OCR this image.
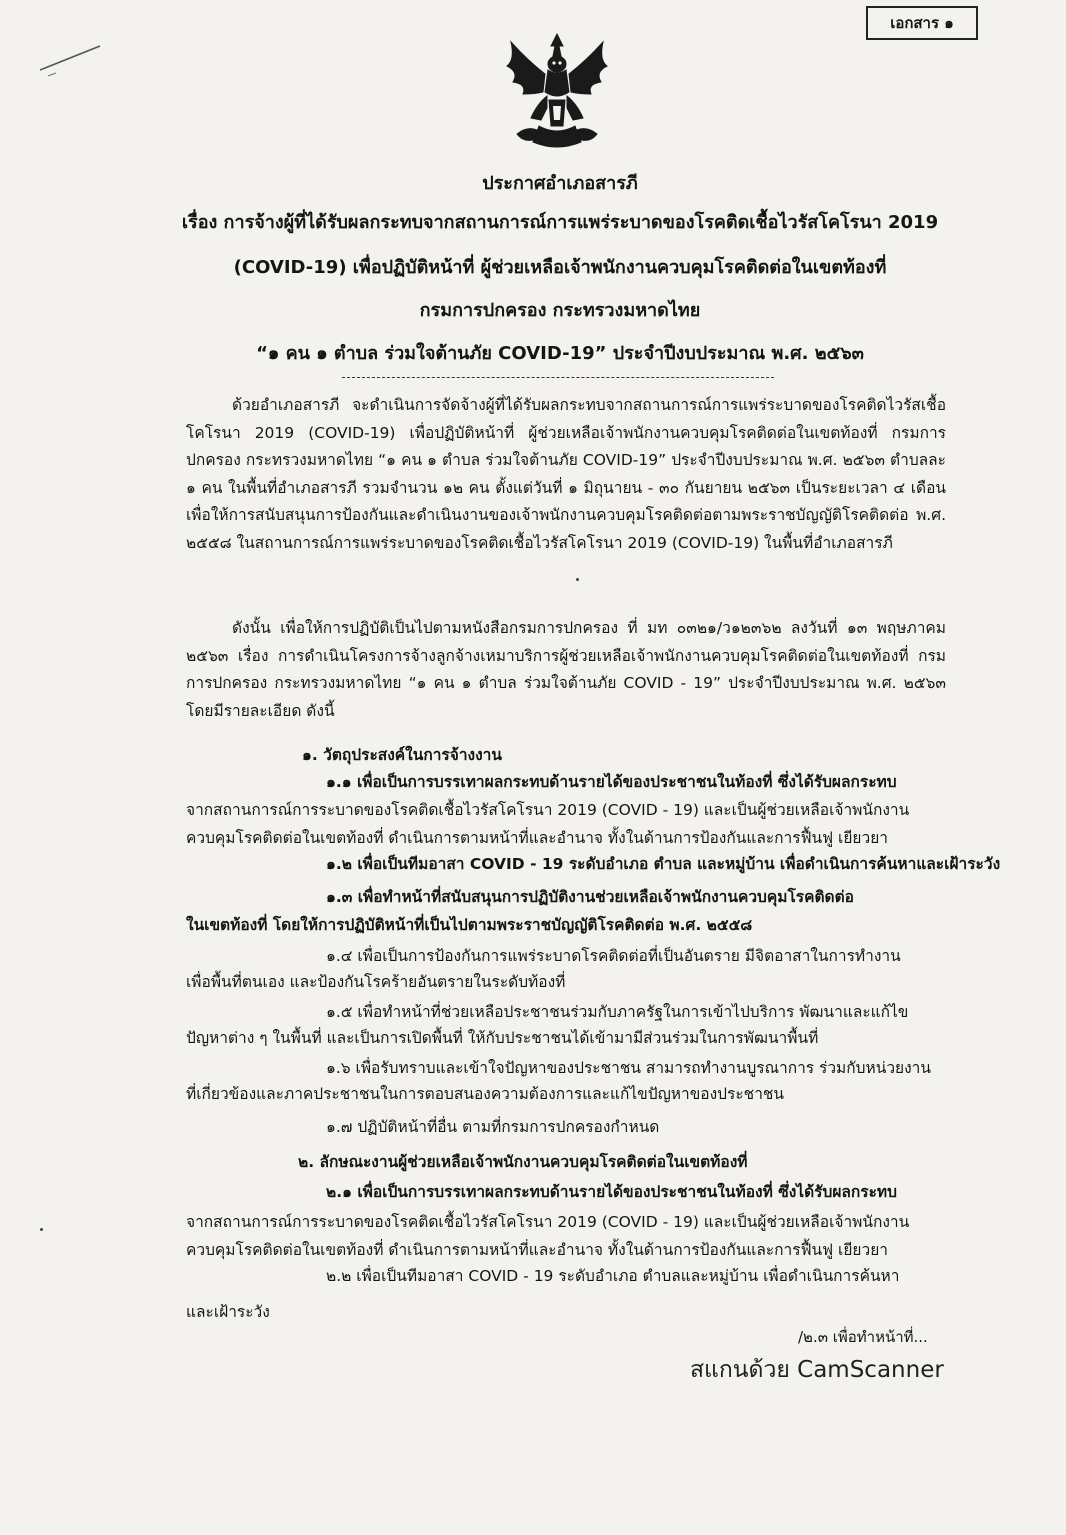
เอกสาร ๑
ประกาศอำเภอสารภี
เรื่อง การจ้างผู้ที่ได้รับผลกระทบจากสถานการณ์การแพร่ระบาดของโรคติดเชื้อไวรัสโคโรนา 2019
(COVID-19) เพื่อปฏิบัติหน้าที่ ผู้ช่วยเหลือเจ้าพนักงานควบคุมโรคติดต่อในเขตท้องที่
กรมการปกครอง กระทรวงมหาดไทย
“๑ คน ๑ ตำบล ร่วมใจต้านภัย COVID-19” ประจำปีงบประมาณ พ.ศ. ๒๕๖๓
ด้วยอำเภอสารภี จะดำเนินการจัดจ้างผู้ที่ได้รับผลกระทบจากสถานการณ์การแพร่ระบาดของโรคติดไวรัสเชื้อโคโรนา 2019 (COVID-19) เพื่อปฏิบัติหน้าที่ ผู้ช่วยเหลือเจ้าพนักงานควบคุมโรคติดต่อในเขตท้องที่ กรมการปกครอง กระทรวงมหาดไทย “๑ คน ๑ ตำบล ร่วมใจต้านภัย COVID-19” ประจำปีงบประมาณ พ.ศ. ๒๕๖๓ ตำบลละ ๑ คน ในพื้นที่อำเภอสารภี รวมจำนวน ๑๒ คน ตั้งแต่วันที่ ๑ มิถุนายน - ๓๐ กันยายน ๒๕๖๓ เป็นระยะเวลา ๔ เดือน เพื่อให้การสนับสนุนการป้องกันและดำเนินงานของเจ้าพนักงานควบคุมโรคติดต่อตามพระราชบัญญัติโรคติดต่อ พ.ศ. ๒๕๕๘ ในสถานการณ์การแพร่ระบาดของโรคติดเชื้อไวรัสโคโรนา 2019 (COVID-19) ในพื้นที่อำเภอสารภี
ดังนั้น เพื่อให้การปฏิบัติเป็นไปตามหนังสือกรมการปกครอง ที่ มท ๐๓๒๑/ว๑๒๓๖๒ ลงวันที่ ๑๓ พฤษภาคม ๒๕๖๓ เรื่อง การดำเนินโครงการจ้างลูกจ้างเหมาบริการผู้ช่วยเหลือเจ้าพนักงานควบคุมโรคติดต่อในเขตท้องที่ กรมการปกครอง กระทรวงมหาดไทย “๑ คน ๑ ตำบล ร่วมใจต้านภัย COVID - 19” ประจำปีงบประมาณ พ.ศ. ๒๕๖๓ โดยมีรายละเอียด ดังนี้
๑. วัตถุประสงค์ในการจ้างงาน
๑.๑ เพื่อเป็นการบรรเทาผลกระทบด้านรายได้ของประชาชนในท้องที่ ซึ่งได้รับผลกระทบ
จากสถานการณ์การระบาดของโรคติดเชื้อไวรัสโคโรนา 2019 (COVID - 19) และเป็นผู้ช่วยเหลือเจ้าพนักงาน
ควบคุมโรคติดต่อในเขตท้องที่ ดำเนินการตามหน้าที่และอำนาจ ทั้งในด้านการป้องกันและการฟื้นฟู เยียวยา
๑.๒ เพื่อเป็นทีมอาสา COVID - 19 ระดับอำเภอ ตำบล และหมู่บ้าน เพื่อดำเนินการค้นหาและเฝ้าระวัง
๑.๓ เพื่อทำหน้าที่สนับสนุนการปฏิบัติงานช่วยเหลือเจ้าพนักงานควบคุมโรคติดต่อ
ในเขตท้องที่ โดยให้การปฏิบัติหน้าที่เป็นไปตามพระราชบัญญัติโรคติดต่อ พ.ศ. ๒๕๕๘
๑.๔ เพื่อเป็นการป้องกันการแพร่ระบาดโรคติดต่อที่เป็นอันตราย มีจิตอาสาในการทำงาน
เพื่อพื้นที่ตนเอง และป้องกันโรคร้ายอันตรายในระดับท้องที่
๑.๕ เพื่อทำหน้าที่ช่วยเหลือประชาชนร่วมกับภาครัฐในการเข้าไปบริการ พัฒนาและแก้ไข
ปัญหาต่าง ๆ ในพื้นที่ และเป็นการเปิดพื้นที่ ให้กับประชาชนได้เข้ามามีส่วนร่วมในการพัฒนาพื้นที่
๑.๖ เพื่อรับทราบและเข้าใจปัญหาของประชาชน สามารถทำงานบูรณาการ ร่วมกับหน่วยงาน
ที่เกี่ยวข้องและภาคประชาชนในการตอบสนองความต้องการและแก้ไขปัญหาของประชาชน
๑.๗ ปฏิบัติหน้าที่อื่น ตามที่กรมการปกครองกำหนด
๒. ลักษณะงานผู้ช่วยเหลือเจ้าพนักงานควบคุมโรคติดต่อในเขตท้องที่
๒.๑ เพื่อเป็นการบรรเทาผลกระทบด้านรายได้ของประชาชนในท้องที่ ซึ่งได้รับผลกระทบ
จากสถานการณ์การระบาดของโรคติดเชื้อไวรัสโคโรนา 2019 (COVID - 19) และเป็นผู้ช่วยเหลือเจ้าพนักงาน
ควบคุมโรคติดต่อในเขตท้องที่ ดำเนินการตามหน้าที่และอำนาจ ทั้งในด้านการป้องกันและการฟื้นฟู เยียวยา
๒.๒ เพื่อเป็นทีมอาสา COVID - 19 ระดับอำเภอ ตำบลและหมู่บ้าน เพื่อดำเนินการค้นหา
และเฝ้าระวัง
/๒.๓ เพื่อทำหน้าที่...
สแกนด้วย CamScanner
